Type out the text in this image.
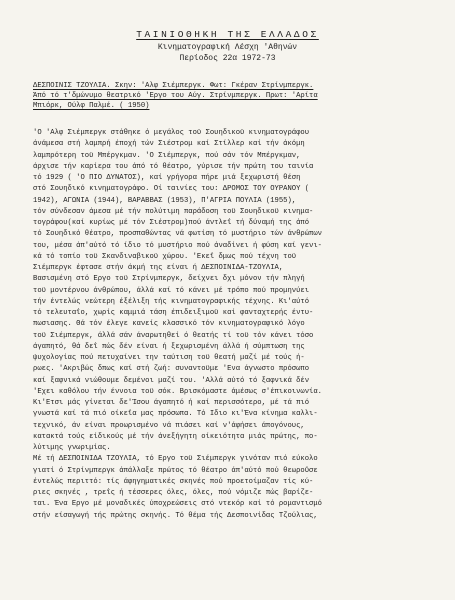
ΤΑΙΝΙΟΘΗΚΗ ΤΗΣ ΕΛΛΑΔΟΣ
Κινηματογραφική Λέσχη 'Αθηνών
Περίοδος 22α 1972-73
ΔΕΣΠΟΙΝΙΣ ΤΖΟΥΛΙΑ. Σκην: 'Αλφ Σιέμπεργκ. Φωτ: Γκέραν Στρίνμπεργκ.
Άπό τό τ'δμώνυμο θεατρικό 'Εργο του Αύγ. Στρίνμπεργκ. Πρωτ: 'Αρίτα
Μπιόρκ, Ούλφ Παλμέ. ( 1950)
'Ο 'Αλφ Σιέμπεργκ στάθηκε ό μεγάλος τοϋ Σουηδικοϋ κινηματογράφου
άνάμεσα στή λαμπρή έποχή τών Σιέστρομ καί Στίλλερ καί τήν άκόμη
λαμπρότερη τοϋ Μπέργκμαν. 'Ο Σιέμπεργκ, πού σάν τόν Μπέργκμαν,
άρχισε τήν καρίερα του άπό τό θέατρο, γύρισε τήν πρώτη του ταινία
τό 1929 ( 'Ο ΠΙΟ ΔΥΝΑΤΟΣ), καί γρήγορα πήρε μιά ξεχωριστή θέση
στό Σουηδικό κινηματογράφο. Οί ταινίες του: ΔΡΟΜΟΣ ΤΟΥ ΟΥΡΑΝΟΥ (
1942), ΑΓΩΝΙΑ (1944), ΒΑΡΑΒΒΑΣ (1953), Π'ΑΓΡΙΑ ΠΟΥΛΙΑ (1955),
τόν σύνδεσαν άμεσα μέ τήν πολύτιμη παράδοση τοϋ Σουηδικοϋ κινημα-
τογράφου(καί κυρίως μέ τόν Σιέστρομ)πού άντλεΐ τή δύναμή της άπό
τό Σουηδικό θέατρο, προσπαθώντας νά φωτίση τό μυστήριο τών άνθρώπων
του, μέσα άπ'αύτό τό ίδιο τό μυστήριο πού άναδίνει ή φύση καί γενι-
κά τό τοπίο τοϋ Σκανδιναβικοϋ χώρου. 'Εκεΐ δμως πού τέχνη τοϋ
Σιέμπεργκ έφτασε στήν άκμή της είναι ή ΔΕΣΠΟΙΝΙΔΑ-ΤΖΟΥΛΙΑ,
Βασισμένη στό Εργο τοϋ Στρίνμπεργκ, δείχνει δχι μόνον τήν πληγή
τοϋ μοντέρνου άνθρώπου, άλλά καί τό κάνει μέ τρόπο πού προμηνύει
τήν έντελώς νεώτερη έξέλιξη τής κινηματογραφικής τέχνης. Κι'αύτό
τό τελευταΐο, χωρίς καμμιά τάση έπιδειξιμοϋ καί φανταχτερής έντυ-
πωσιασης. Θά τόν έλεγε κανείς κλασσικό τόν κινηματογραφικό λόγο
τοϋ Σιέμπεργκ, άλλά σάν άναρωτηθεί ό θεατής τί τοϋ τόν κάνει τόσο
άγαπητό, θά δεΐ πώς δέν είναι ή ξεχωρισμένη άλλά ή σύμπτωση της
ψυχολογίας πού πετυχαίνει την ταύτιση τοϋ θεατή μαζί μέ τούς ή-
ρωες. 'Ακριβώς δπως καί στή ζωή: συναντοϋμε 'Ενα άγνωστο πρόσωπο
καί ξαφνικά νιώθουμε δεμένοι μαζί του. 'Αλλά αύτό τό ξαφνικά δέν
'Εχει καθόλου τήν έννοια τοϋ σόκ. Βρισκόμαστε άμέσως σ'έπικοινωνία.
Κι'Ετσι μάς γίνεται δε'Ίσου άγαπητό ή καί περισσότερο, μέ τά πιό
γνωστά καί τά πιό οίκεΐα μας πρόσωπα. Τό Ιδιο κι'Ένα κίνημα καλλι-
τεχνικό, άν είναι προωρισμένο νά πιάσει καί ν'άφήσει άπογόνους,
κατακτά τούς είδικούς μέ τήν άνεξήγητη οίκειότητα μιάς πρώτης, πο-
λύτιμης γνωριμίας.
Μέ τή ΔΕΣΠΟΙΝΙΔΑ ΤΖΟΥΛΙΑ, τό Εργο τοϋ Σιέμπεργκ γινόταν πιό εύκολο
γιατί ό Στρίνμπεργκ άπάλλαξε πρώτος τό θέατρο άπ'αύτό πού θεωροΰσε
έντελώς περιττό: τίς άφηγηματικές σκηνές πού προετοίμαζαν τίς κύ-
ριες σκηνές , τρεΐς ή τέσσερες όλες, όλες, πού νόμιζε πώς βαρίζε-
ται. Ένα Εργο μέ μοναδικές ύποχρεώσεις στό ντεκόρ καί τό ρομαντισμό
στήν είσαγωγή τής πρώτης σκηνής. Τό θέμα τής Δεσποινίδας Τζούλιας,
